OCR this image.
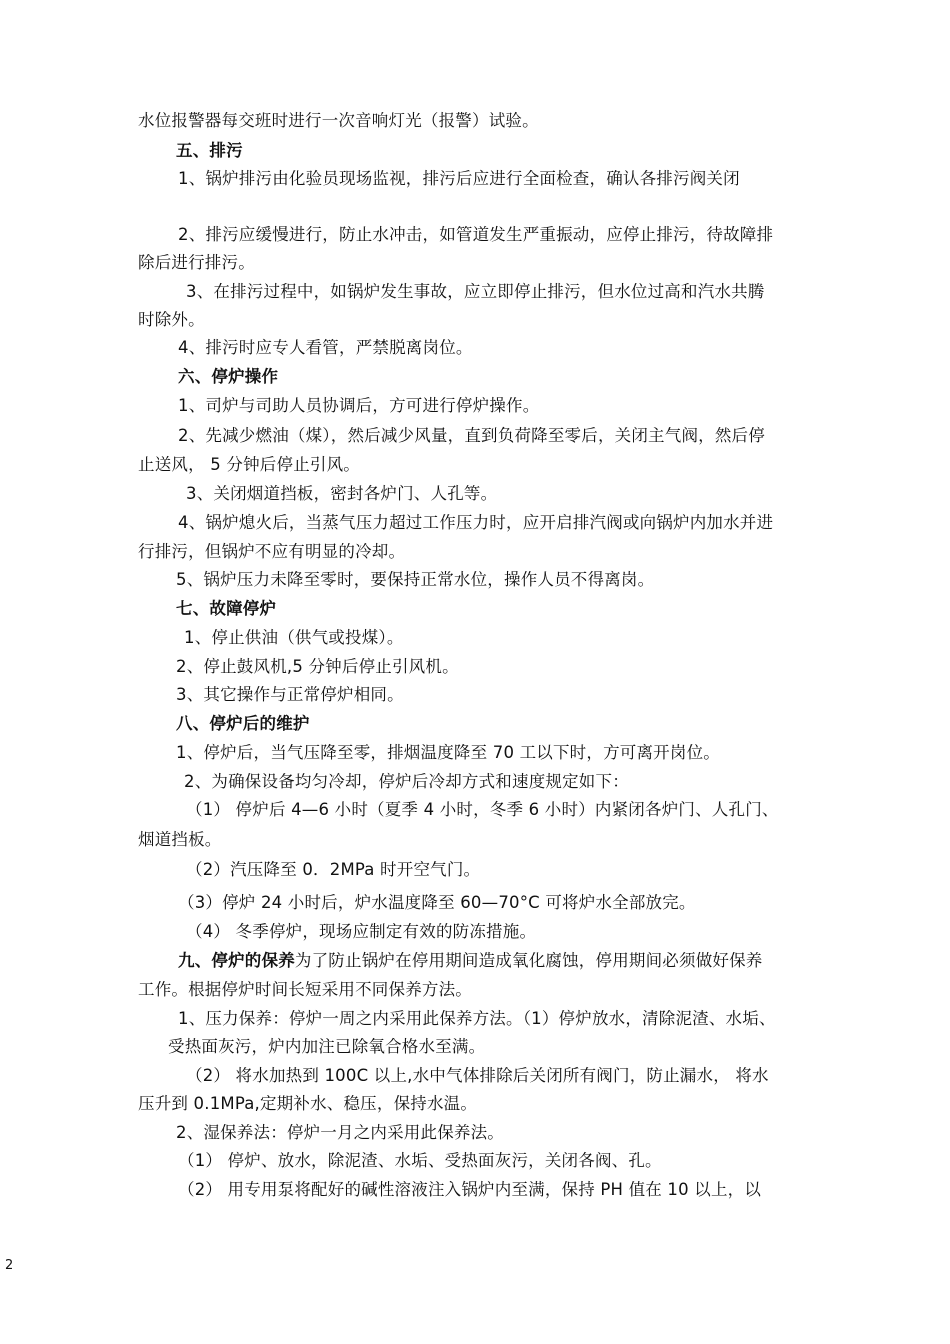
水位报警器每交班时进行一次音响灯光（报警）试验。
五、排污
1、锅炉排污由化验员现场监视，排污后应进行全面检查，确认各排污阀关闭
2、排污应缓慢进行，防止水冲击，如管道发生严重振动，应停止排污，待故障排
除后进行排污。
3、在排污过程中，如锅炉发生事故，应立即停止排污，但水位过高和汽水共腾
时除外。
4、排污时应专人看管，严禁脱离岗位。
六、停炉操作
1、司炉与司助人员协调后，方可进行停炉操作。
2、先减少燃油（煤），然后减少风量，直到负荷降至零后，关闭主气阀，然后停
止送风， 5 分钟后停止引风。
3、关闭烟道挡板，密封各炉门、人孔等。
4、锅炉熄火后，当蒸气压力超过工作压力时，应开启排汽阀或向锅炉内加水并进
行排污，但锅炉不应有明显的冷却。
5、锅炉压力未降至零时，要保持正常水位，操作人员不得离岗。
七、故障停炉
1、停止供油（供气或投煤）。
2、停止鼓风机,5 分钟后停止引风机。
3、其它操作与正常停炉相同。
八、停炉后的维护
1、停炉后，当气压降至零，排烟温度降至 70 工以下时，方可离开岗位。
2、为确保设备均匀冷却，停炉后冷却方式和速度规定如下：
（1） 停炉后 4—6 小时（夏季 4 小时，冬季 6 小时）内紧闭各炉门、人孔门、
烟道挡板。
（2）汽压降至 0．2MPa 时开空气门。
（3）停炉 24 小时后，炉水温度降至 60—70°C 可将炉水全部放完。
（4） 冬季停炉，现场应制定有效的防冻措施。
九、停炉的保养为了防止锅炉在停用期间造成氧化腐蚀，停用期间必须做好保养
工作。根据停炉时间长短采用不同保养方法。
1、压力保养：停炉一周之内采用此保养方法。（1）停炉放水，清除泥渣、水垢、
受热面灰污，炉内加注已除氧合格水至满。
（2） 将水加热到 100C 以上,水中气体排除后关闭所有阀门，防止漏水， 将水
压升到 0.1MPa,定期补水、稳压，保持水温。
2、湿保养法：停炉一月之内采用此保养法。
（1） 停炉、放水，除泥渣、水垢、受热面灰污，关闭各阀、孔。
（2） 用专用泵将配好的碱性溶液注入锅炉内至满，保持 PH 值在 10 以上，以
2
